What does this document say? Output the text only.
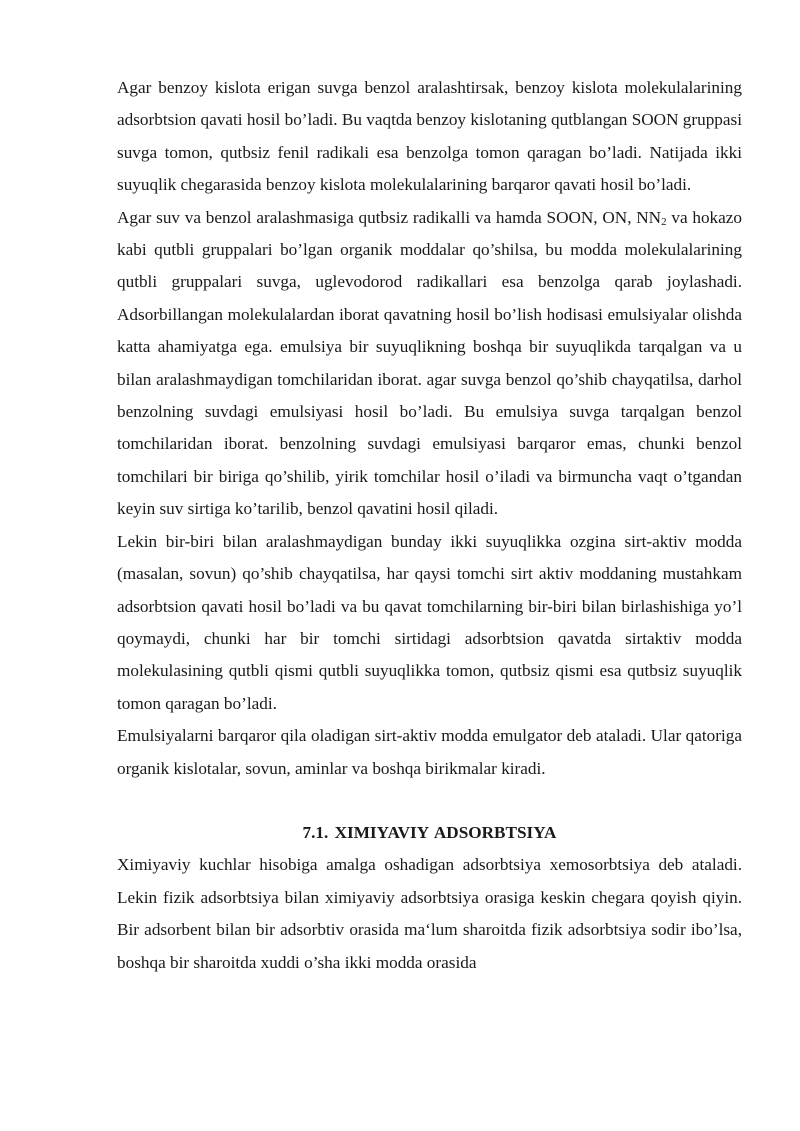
Agar benzoy kislota erigan suvga benzol aralashtirsak, benzoy kislota molekulalarining adsorbtsion qavati hosil bo’ladi. Bu vaqtda benzoy kislotaning qutblangan SOON gruppasi suvga tomon, qutbsiz fenil radikali esa benzolga tomon qaragan bo’ladi. Natijada ikki suyuqlik chegarasida benzoy kislota molekulalarining barqaror qavati hosil bo’ladi.

Agar suv va benzol aralashmasiga qutbsiz radikalli va hamda SOON, ON, $NN_2$ va hokazo kabi qutbli gruppalari bo’lgan organik moddalar qo’shilsa, bu modda molekulalarining qutbli gruppalari suvga, uglevodorod radikallari esa benzolga qarab joylashadi. Adsorbillangan molekulalardan iborat qavatning hosil bo’lish hodisasi emulsiyalar olishda katta ahamiyatga ega. emulsiya bir suyuqlikning boshqa bir suyuqlikda tarqalgan va u bilan aralashmaydigan tomchilaridan iborat. agar suvga benzol qo’shib chayqatilsa, darhol benzolning suvdagi emulsiyasi hosil bo’ladi. Bu emulsiya suvga tarqalgan benzol tomchilaridan iborat. benzolning suvdagi emulsiyasi barqaror emas, chunki benzol tomchilari bir biriga qo’shilib, yirik tomchilar hosil o’iladi va birmuncha vaqt o’tgandan keyin suv sirtiga ko’tarilib, benzol qavatini hosil qiladi.

Lekin bir-biri bilan aralashmaydigan bunday ikki suyuqlikka ozgina sirt-aktiv modda (masalan, sovun) qo’shib chayqatilsa, har qaysi tomchi sirt aktiv moddaning mustahkam adsorbtsion qavati hosil bo’ladi va bu qavat tomchilarning bir-biri bilan birlashishiga yo’l qoymaydi, chunki har bir tomchi sirtidagi adsorbtsion qavatda sirtaktiv modda molekulasining qutbli qismi qutbli suyuqlikka tomon, qutbsiz qismi esa qutbsiz suyuqlik tomon qaragan bo’ladi.

Emulsiyalarni barqaror qila oladigan sirt-aktiv modda emulgator deb ataladi. Ular qatoriga organik kislotalar, sovun, aminlar va boshqa birikmalar kiradi.

7.1. XIMIYAVIY ADSORBTSIYA

Ximiyaviy kuchlar hisobiga amalga oshadigan adsorbtsiya xemosorbtsiya deb ataladi. Lekin fizik adsorbtsiya bilan ximiyaviy adsorbtsiya orasiga keskin chegara qoyish qiyin. Bir adsorbent bilan bir adsorbtiv orasida ma‘lum sharoitda fizik adsorbtsiya sodir ibo’lsa, boshqa bir sharoitda xuddi o’sha ikki modda orasida
